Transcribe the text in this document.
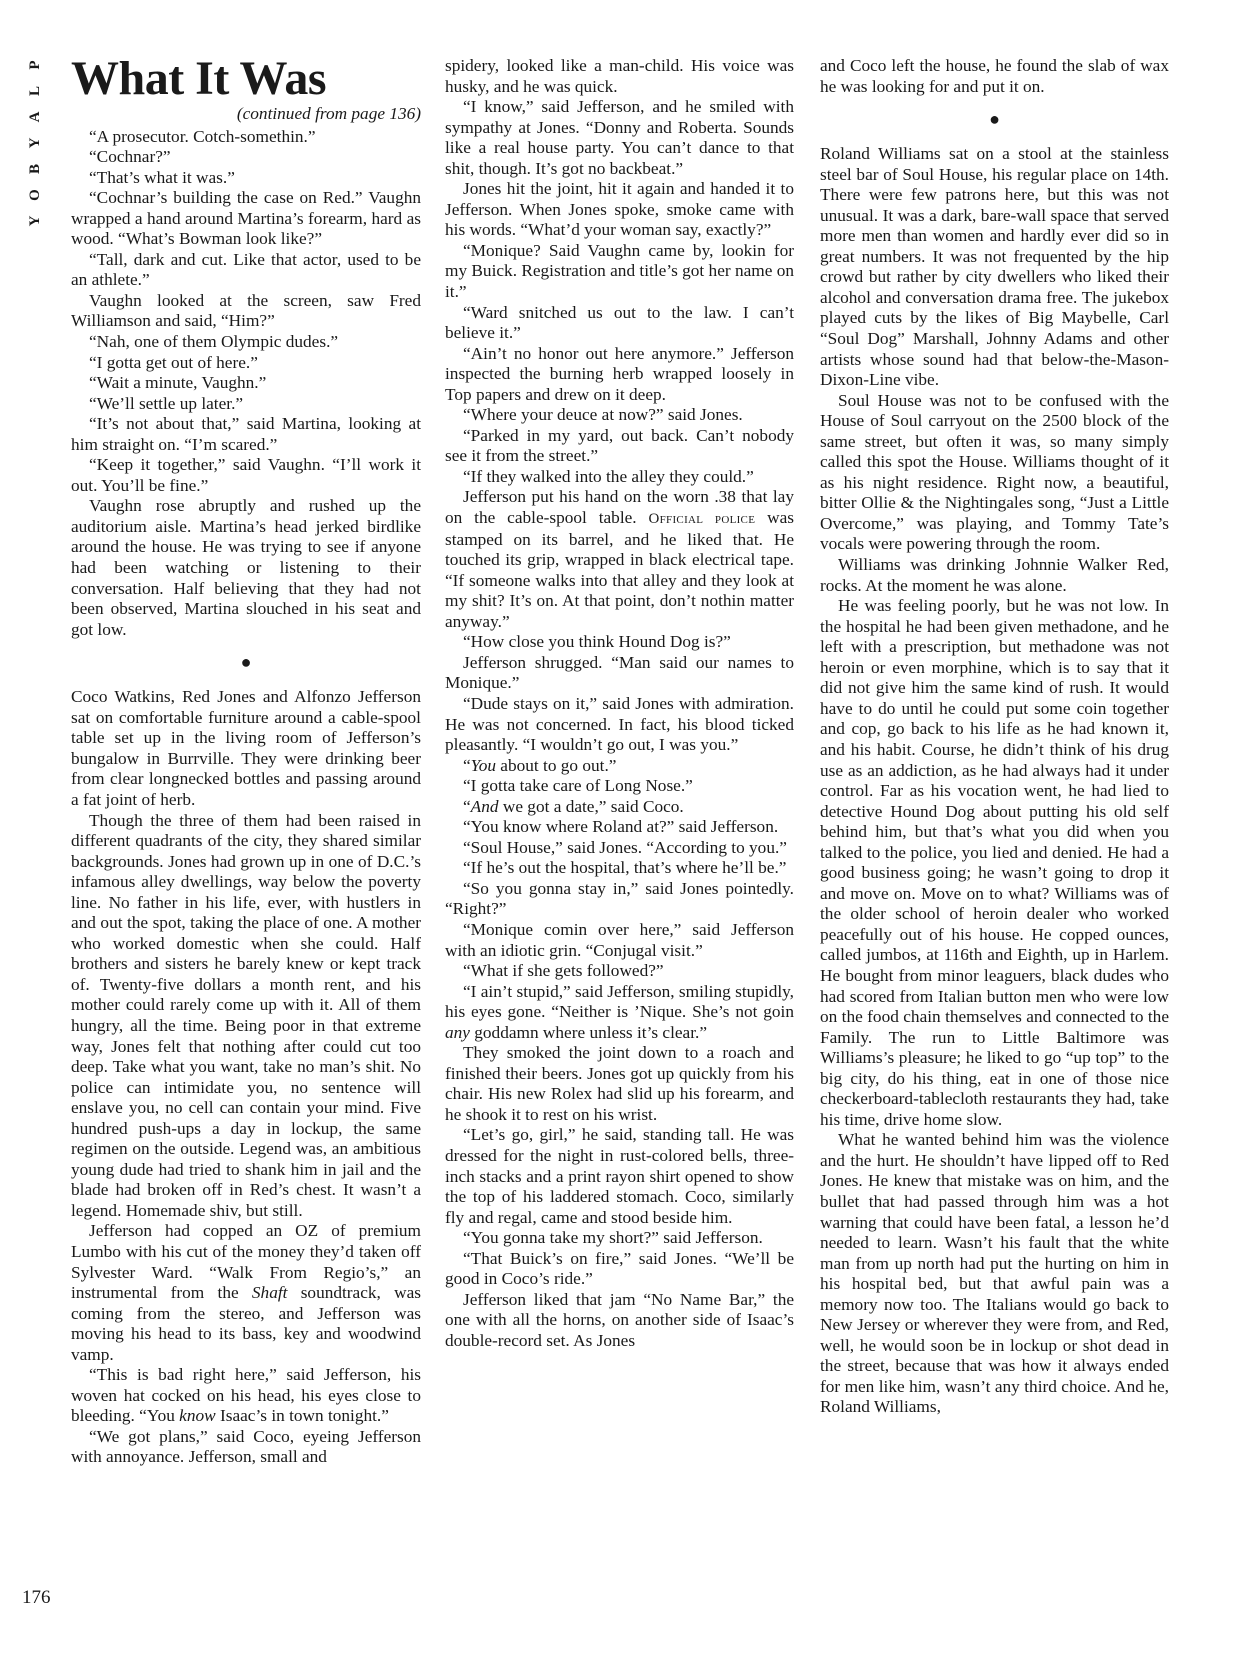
P
L
A
Y
B
O
Y
176
What It Was
(continued from page 136)

“A prosecutor. Cotch-somethin.”

“Cochnar?”

“That’s what it was.”

“Cochnar’s building the case on Red.” Vaughn wrapped a hand around Martina’s forearm, hard as wood. “What’s Bowman look like?”

“Tall, dark and cut. Like that actor, used to be an athlete.”

Vaughn looked at the screen, saw Fred Williamson and said, “Him?”

“Nah, one of them Olympic dudes.”

“I gotta get out of here.”

“Wait a minute, Vaughn.”

“We’ll settle up later.”

“It’s not about that,” said Martina, looking at him straight on. “I’m scared.”

“Keep it together,” said Vaughn. “I’ll work it out. You’ll be fine.”

Vaughn rose abruptly and rushed up the auditorium aisle. Martina’s head jerked birdlike around the house. He was trying to see if anyone had been watching or listening to their conversation. Half believing that they had not been observed, Martina slouched in his seat and got low.

●

Coco Watkins, Red Jones and Alfonzo Jefferson sat on comfortable furniture around a cable-spool table set up in the living room of Jefferson’s bungalow in Burrville. They were drinking beer from clear longnecked bottles and passing around a fat joint of herb.

Though the three of them had been raised in different quadrants of the city, they shared similar backgrounds. Jones had grown up in one of D.C.’s infamous alley dwellings, way below the poverty line. No father in his life, ever, with hustlers in and out the spot, taking the place of one. A mother who worked domestic when she could. Half brothers and sisters he barely knew or kept track of. Twenty-five dollars a month rent, and his mother could rarely come up with it. All of them hungry, all the time. Being poor in that extreme way, Jones felt that nothing after could cut too deep. Take what you want, take no man’s shit. No police can intimidate you, no sentence will enslave you, no cell can contain your mind. Five hundred push-ups a day in lockup, the same regimen on the outside. Legend was, an ambitious young dude had tried to shank him in jail and the blade had broken off in Red’s chest. It wasn’t a legend. Homemade shiv, but still.

Jefferson had copped an OZ of premium Lumbo with his cut of the money they’d taken off Sylvester Ward. “Walk From Regio’s,” an instrumental from the Shaft soundtrack, was coming from the stereo, and Jefferson was moving his head to its bass, key and woodwind vamp.

“This is bad right here,” said Jefferson, his woven hat cocked on his head, his eyes close to bleeding. “You know Isaac’s in town tonight.”

“We got plans,” said Coco, eyeing Jefferson with annoyance. Jefferson, small and

spidery, looked like a man-child. His voice was husky, and he was quick.

“I know,” said Jefferson, and he smiled with sympathy at Jones. “Donny and Roberta. Sounds like a real house party. You can’t dance to that shit, though. It’s got no backbeat.”

Jones hit the joint, hit it again and handed it to Jefferson. When Jones spoke, smoke came with his words. “What’d your woman say, exactly?”

“Monique? Said Vaughn came by, lookin for my Buick. Registration and title’s got her name on it.”

“Ward snitched us out to the law. I can’t believe it.”

“Ain’t no honor out here anymore.” Jefferson inspected the burning herb wrapped loosely in Top papers and drew on it deep.

“Where your deuce at now?” said Jones.

“Parked in my yard, out back. Can’t nobody see it from the street.”

“If they walked into the alley they could.”

Jefferson put his hand on the worn .38 that lay on the cable-spool table. Official police was stamped on its barrel, and he liked that. He touched its grip, wrapped in black electrical tape. “If someone walks into that alley and they look at my shit? It’s on. At that point, don’t nothin matter anyway.”

“How close you think Hound Dog is?”

Jefferson shrugged. “Man said our names to Monique.”

“Dude stays on it,” said Jones with admiration. He was not concerned. In fact, his blood ticked pleasantly. “I wouldn’t go out, I was you.”

“You about to go out.”

“I gotta take care of Long Nose.”

“And we got a date,” said Coco.

“You know where Roland at?” said Jefferson.

“Soul House,” said Jones. “According to you.”

“If he’s out the hospital, that’s where he’ll be.”

“So you gonna stay in,” said Jones pointedly. “Right?”

“Monique comin over here,” said Jefferson with an idiotic grin. “Conjugal visit.”

“What if she gets followed?”

“I ain’t stupid,” said Jefferson, smiling stupidly, his eyes gone. “Neither is ’Nique. She’s not goin any goddamn where unless it’s clear.”

They smoked the joint down to a roach and finished their beers. Jones got up quickly from his chair. His new Rolex had slid up his forearm, and he shook it to rest on his wrist.

“Let’s go, girl,” he said, standing tall. He was dressed for the night in rust-colored bells, three-inch stacks and a print rayon shirt opened to show the top of his laddered stomach. Coco, similarly fly and regal, came and stood beside him.

“You gonna take my short?” said Jefferson.

“That Buick’s on fire,” said Jones. “We’ll be good in Coco’s ride.”

Jefferson liked that jam “No Name Bar,” the one with all the horns, on another side of Isaac’s double-record set. As Jones

and Coco left the house, he found the slab of wax he was looking for and put it on.

●

Roland Williams sat on a stool at the stainless steel bar of Soul House, his regular place on 14th. There were few patrons here, but this was not unusual. It was a dark, bare-wall space that served more men than women and hardly ever did so in great numbers. It was not frequented by the hip crowd but rather by city dwellers who liked their alcohol and conversation drama free. The jukebox played cuts by the likes of Big Maybelle, Carl “Soul Dog” Marshall, Johnny Adams and other artists whose sound had that below-the-Mason-Dixon-Line vibe.

Soul House was not to be confused with the House of Soul carryout on the 2500 block of the same street, but often it was, so many simply called this spot the House. Williams thought of it as his night residence. Right now, a beautiful, bitter Ollie & the Nightingales song, “Just a Little Overcome,” was playing, and Tommy Tate’s vocals were powering through the room.

Williams was drinking Johnnie Walker Red, rocks. At the moment he was alone.

He was feeling poorly, but he was not low. In the hospital he had been given methadone, and he left with a prescription, but methadone was not heroin or even morphine, which is to say that it did not give him the same kind of rush. It would have to do until he could put some coin together and cop, go back to his life as he had known it, and his habit. Course, he didn’t think of his drug use as an addiction, as he had always had it under control. Far as his vocation went, he had lied to detective Hound Dog about putting his old self behind him, but that’s what you did when you talked to the police, you lied and denied. He had a good business going; he wasn’t going to drop it and move on. Move on to what? Williams was of the older school of heroin dealer who worked peacefully out of his house. He copped ounces, called jumbos, at 116th and Eighth, up in Harlem. He bought from minor leaguers, black dudes who had scored from Italian button men who were low on the food chain themselves and connected to the Family. The run to Little Baltimore was Williams’s pleasure; he liked to go “up top” to the big city, do his thing, eat in one of those nice checkerboard-tablecloth restaurants they had, take his time, drive home slow.

What he wanted behind him was the violence and the hurt. He shouldn’t have lipped off to Red Jones. He knew that mistake was on him, and the bullet that had passed through him was a hot warning that could have been fatal, a lesson he’d needed to learn. Wasn’t his fault that the white man from up north had put the hurting on him in his hospital bed, but that awful pain was a memory now too. The Italians would go back to New Jersey or wherever they were from, and Red, well, he would soon be in lockup or shot dead in the street, because that was how it always ended for men like him, wasn’t any third choice. And he, Roland Williams,
